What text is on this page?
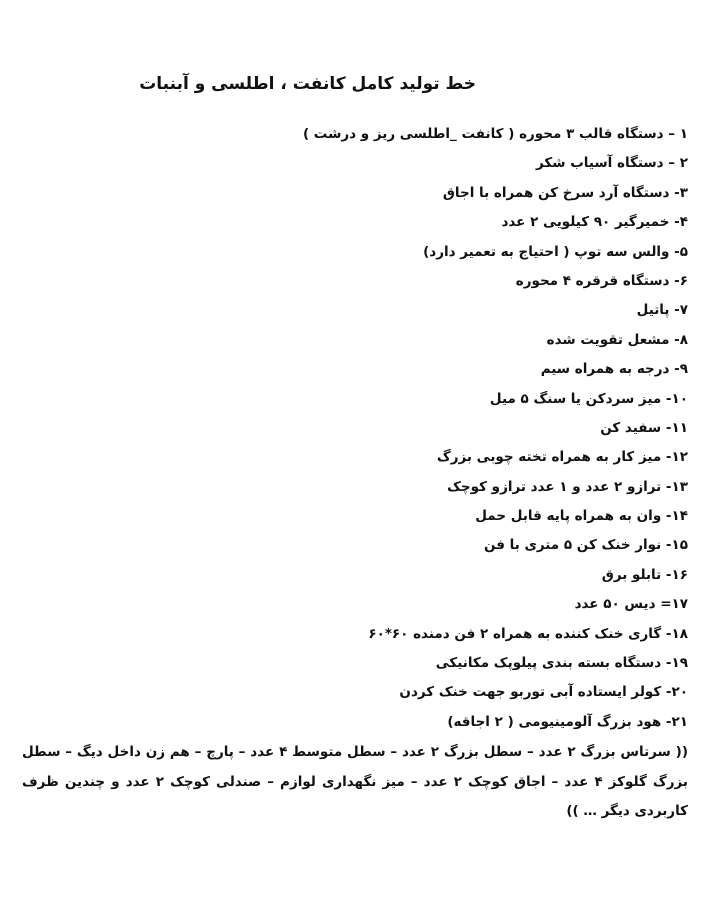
خط تولید کامل کانفت ، اطلسی و آبنبات
۱ – دستگاه قالب ۳ محوره ( کانفت _اطلسی ریز و درشت )
۲ – دستگاه آسیاب شکر
۳- دستگاه آرد سرخ کن همراه با اجاق
۴- خمیرگیر ۹۰ کیلویی ۲ عدد
۵- والس سه توپ ( احتیاج به تعمیر دارد)
۶- دستگاه قرقره ۴ محوره
۷- پاتیل
۸- مشعل تقویت شده
۹- درجه به همراه سیم
۱۰- میز سردکن یا سنگ ۵ میل
۱۱- سفید کن
۱۲- میز کار به همراه تخته چوبی بزرگ
۱۳- ترازو ۲ عدد و ۱ عدد ترازو کوچک
۱۴- وان به همراه پایه قابل حمل
۱۵- نوار خنک کن ۵ متری با فن
۱۶- تابلو برق
۱۷= دیس ۵۰ عدد
۱۸- گاری خنک کننده به همراه ۲ فن دمنده ۶۰*۶۰
۱۹- دستگاه بسته بندی پیلوپک مکانیکی
۲۰- کولر ایستاده آبی توربو جهت خنک کردن
۲۱- هود بزرگ آلومینیومی ( ۲ اجاقه)

(( سرتاس بزرگ ۲ عدد – سطل بزرگ ۲ عدد – سطل متوسط ۴ عدد – پارچ – هم زن داخل دیگ – سطل بزرگ گلوکز ۴ عدد – اجاق کوچک ۲ عدد – میز نگهداری لوازم – صندلی کوچک ۲ عدد و چندین ظرف کاربردی دیگر … ))
